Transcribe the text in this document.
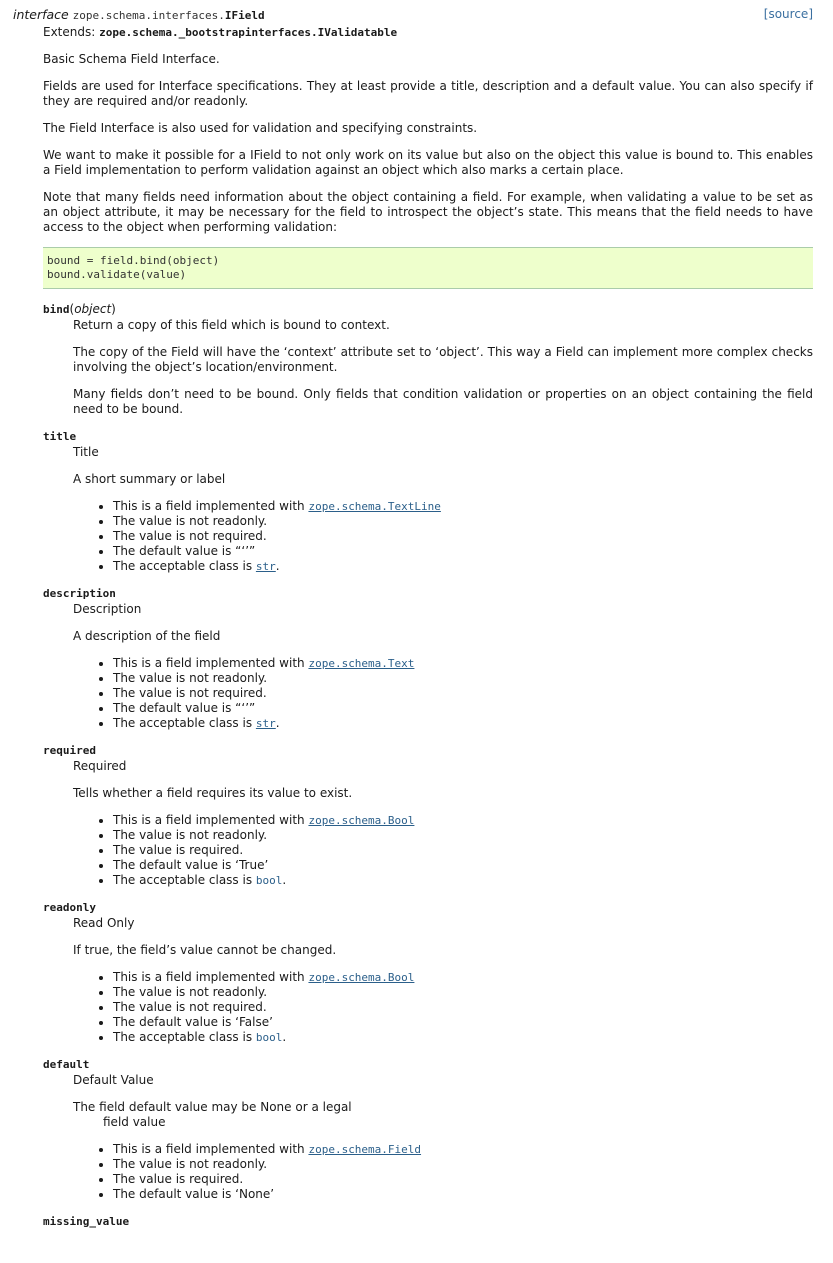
interface zope.schema.interfaces.IField	[source]

Extends: zope.schema._bootstrapinterfaces.IValidatable

Basic Schema Field Interface.

Fields are used for Interface specifications. They at least provide a title, description and a default value. You can also specify if they are required and/or readonly.

The Field Interface is also used for validation and specifying constraints.

We want to make it possible for a IField to not only work on its value but also on the object this value is bound to. This enables a Field implementation to perform validation against an object which also marks a certain place.

Note that many fields need information about the object containing a field. For example, when validating a value to be set as an object attribute, it may be necessary for the field to introspect the object’s state. This means that the field needs to have access to the object when performing validation:

bound = field.bind(object)
bound.validate(value)
bind(object)

Return a copy of this field which is bound to context.

The copy of the Field will have the ‘context’ attribute set to ‘object’. This way a Field can implement more complex checks involving the object’s location/environment.

Many fields don’t need to be bound. Only fields that condition validation or properties on an object containing the field need to be bound.

title

Title

A short summary or label

• This is a field implemented with zope.schema.TextLine
• The value is not readonly.
• The value is not required.
• The default value is “‘’”
• The acceptable class is str.
description

Description

A description of the field

• This is a field implemented with zope.schema.Text
• The value is not readonly.
• The value is not required.
• The default value is “‘’”
• The acceptable class is str.
required

Required

Tells whether a field requires its value to exist.

• This is a field implemented with zope.schema.Bool
• The value is not readonly.
• The value is required.
• The default value is ‘True’
• The acceptable class is bool.
readonly

Read Only

If true, the field’s value cannot be changed.

• This is a field implemented with zope.schema.Bool
• The value is not readonly.
• The value is not required.
• The default value is ‘False’
• The acceptable class is bool.
default

Default Value

The field default value may be None or a legal

field value

• This is a field implemented with zope.schema.Field
• The value is not readonly.
• The value is required.
• The default value is ‘None’
missing_value
